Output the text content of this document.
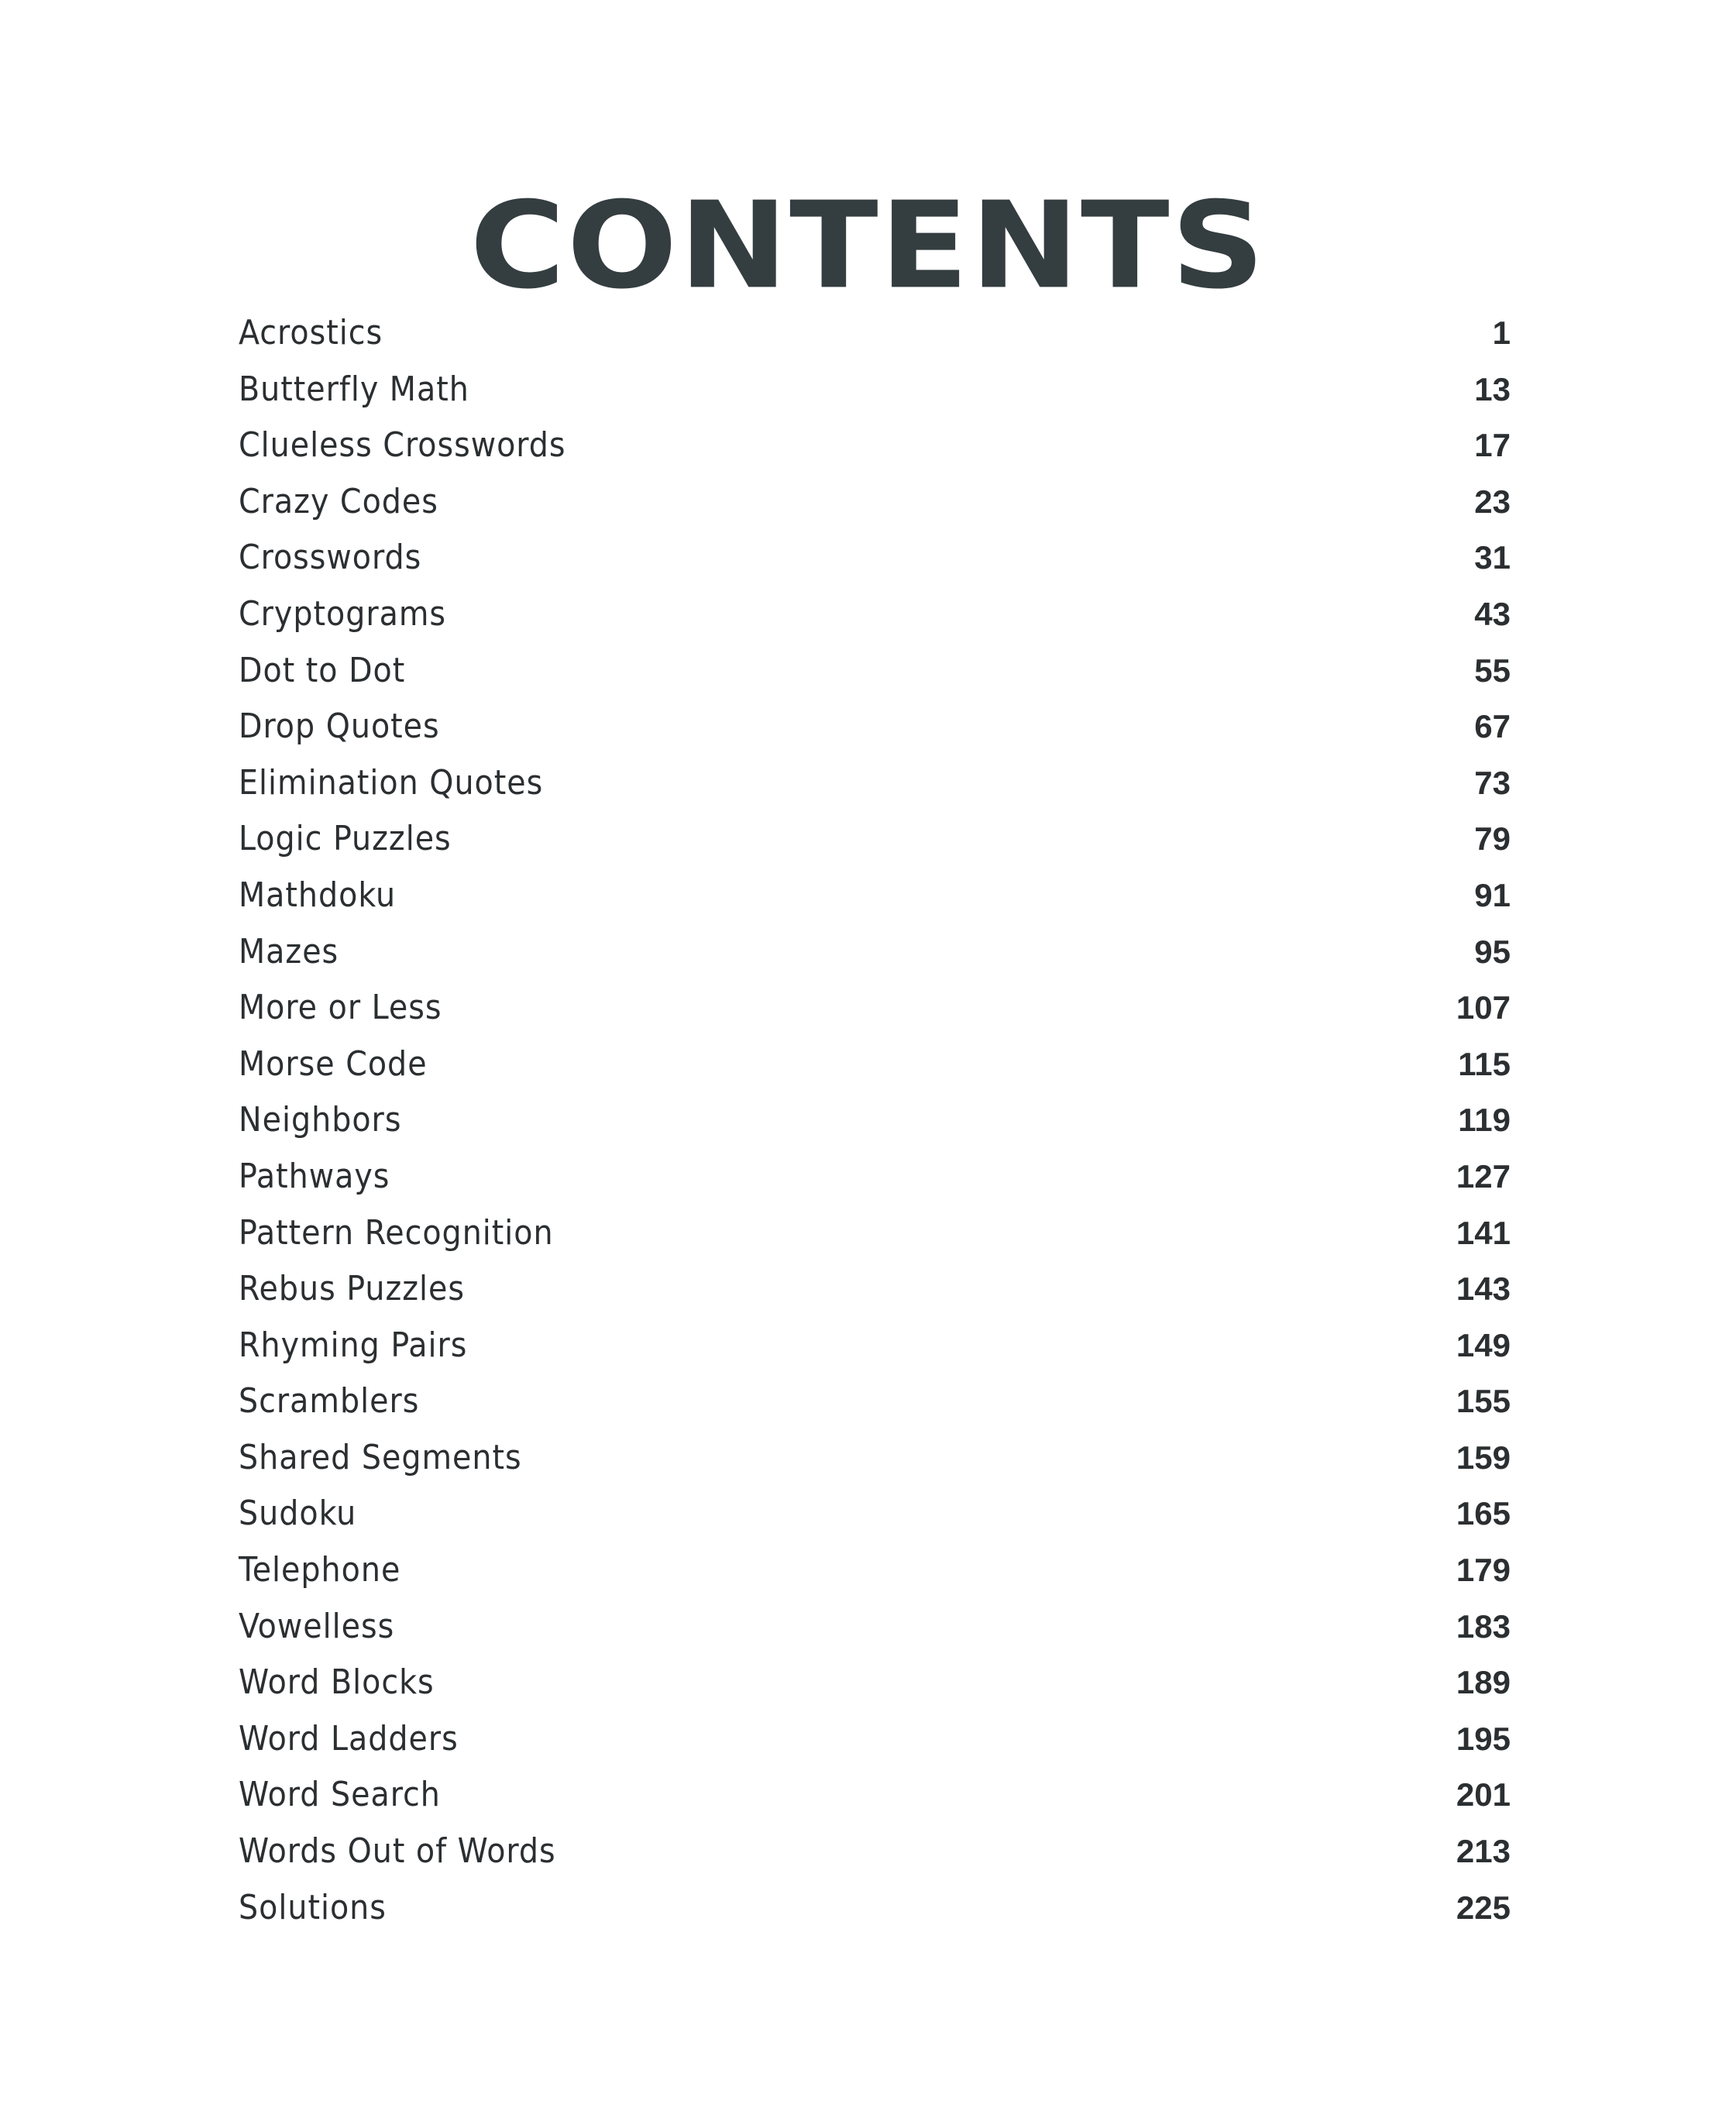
CONTENTS
Acrostics	1
Butterfly Math	13
Clueless Crosswords	17
Crazy Codes	23
Crosswords	31
Cryptograms	43
Dot to Dot	55
Drop Quotes	67
Elimination Quotes	73
Logic Puzzles	79
Mathdoku	91
Mazes	95
More or Less	107
Morse Code	115
Neighbors	119
Pathways	127
Pattern Recognition	141
Rebus Puzzles	143
Rhyming Pairs	149
Scramblers	155
Shared Segments	159
Sudoku	165
Telephone	179
Vowelless	183
Word Blocks	189
Word Ladders	195
Word Search	201
Words Out of Words	213
Solutions	225
